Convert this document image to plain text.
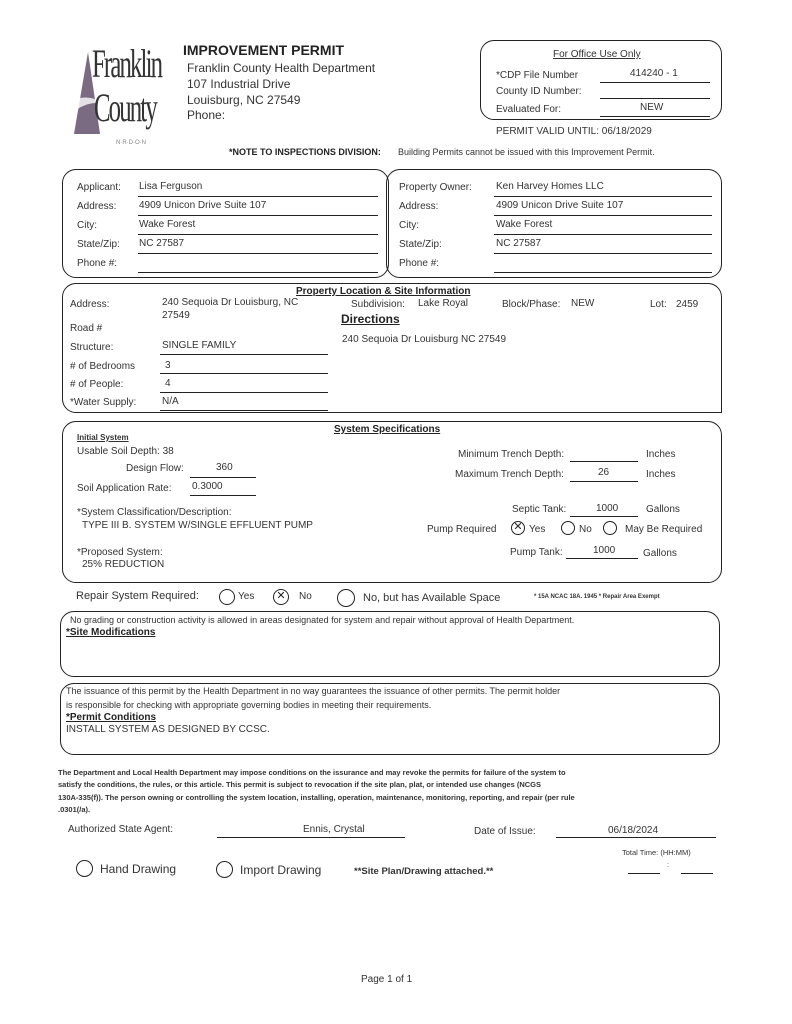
Franklin
County
N·R·D·O·N
IMPROVEMENT PERMIT
Franklin County Health Department
107 Industrial Drive
Louisburg, NC 27549
Phone:
For Office Use Only
*CDP File Number	414240 - 1
County ID Number:
Evaluated For:	NEW
PERMIT VALID UNTIL: 06/18/2029
*NOTE TO INSPECTIONS DIVISION: Building Permits cannot be issued with this Improvement Permit.
Applicant: Lisa Ferguson
Address: 4909 Unicon Drive Suite 107
City:	Wake Forest
State/Zip: NC 27587
Phone #:
Property Owner: Ken Harvey Homes LLC
Address:	4909 Unicon Drive Suite 107
City:	Wake Forest
State/Zip:	NC 27587
Phone #:
Property Location & Site Information
Address:	240 Sequoia Dr Louisburg, NC
27549
Subdivision: Lake Royal	Block/Phase: NEW	Lot: 2459
Directions
Road #
240 Sequoia Dr Louisburg NC 27549
Structure:	SINGLE FAMILY
# of Bedrooms	3
# of People:	4
*Water Supply:	N/A
System Specifications
Initial System
Usable Soil Depth: 38
Design Flow:	360
Soil Application Rate: 0.3000
Minimum Trench Depth:	Inches
Maximum Trench Depth:	26	Inches
*System Classification/Description:
TYPE III B. SYSTEM W/SINGLE EFFLUENT PUMP
*Proposed System:
25% REDUCTION
Septic Tank:	1000	Gallons
Pump Required ✕ Yes	No	May Be Required
Pump Tank:	1000	Gallons
Repair System Required:	Yes	✕	No	No, but has Available Space	* 15A NCAC 18A. 1945 * Repair Area Exempt
No grading or construction activity is allowed in areas designated for system and repair without approval of Health Department.
*Site Modifications
The issuance of this permit by the Health Department in no way guarantees the issuance of other permits. The permit holder
is responsible for checking with appropriate governing bodies in meeting their requirements.
*Permit Conditions
INSTALL SYSTEM AS DESIGNED BY CCSC.
The Department and Local Health Department may impose conditions on the issurance and may revoke the permits for failure of the system to
satisfy the conditions, the rules, or this article. This permit is subject to revocation if the site plan, plat, or intended use changes (NCGS
130A-335(f)). The person owning or controlling the system location, installing, operation, maintenance, monitoring, reporting, and repair (per rule
.0301(/a).
Authorized State Agent:	Ennis, Crystal	Date of Issue:	06/18/2024
Total Time: (HH:MM)
:
Hand Drawing	Import Drawing	**Site Plan/Drawing attached.**
Page 1 of 1
